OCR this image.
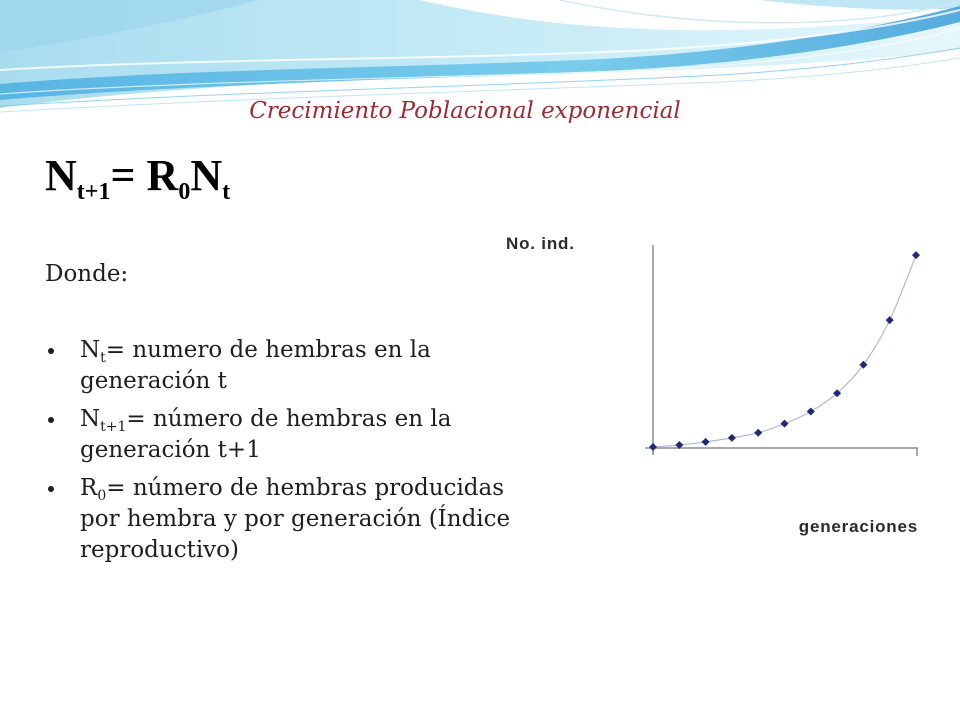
Crecimiento Poblacional exponencial
$N_{t+1}= R_0N_t$
Donde:
$N_t=$ numero de hembras en la
generación t
$N_{t+1}=$ número de hembras en la
generación t+1
$R_0=$ número de hembras producidas
por hembra y por generación (Índice
reproductivo)
No. ind.
generaciones
